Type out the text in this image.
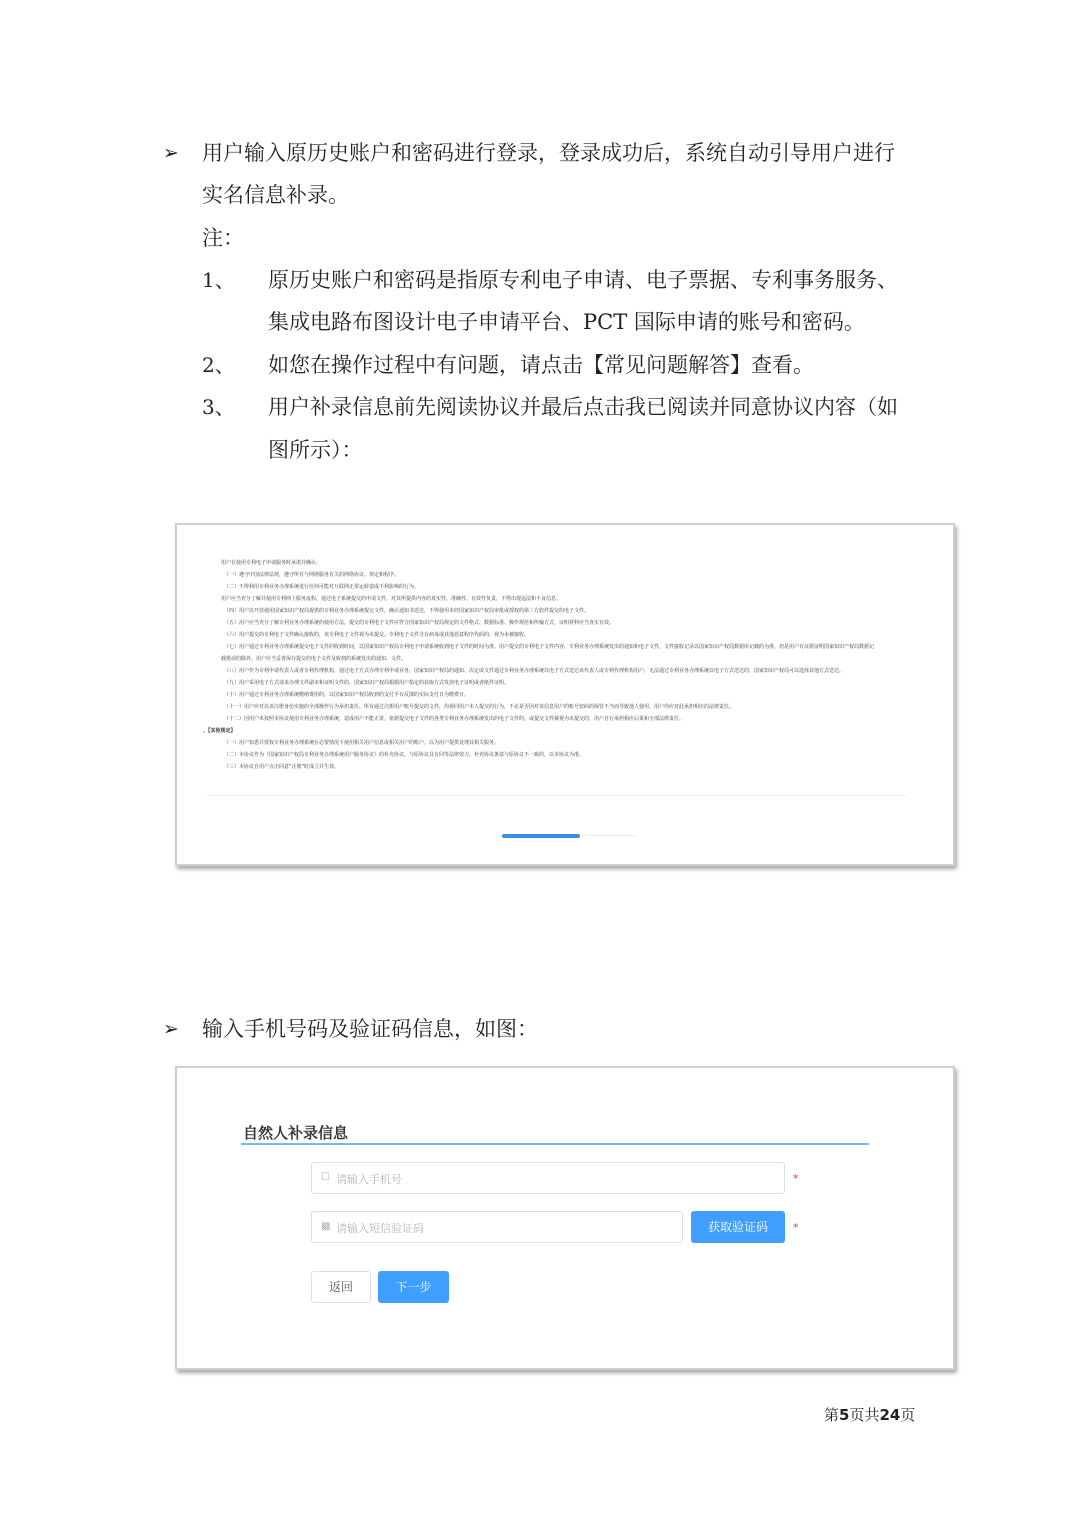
➢ 用户输入原历史账户和密码进行登录，登录成功后，系统自动引导用户进行
实名信息补录。
注：
1、 原历史账户和密码是指原专利电子申请、电子票据、专利事务服务、
集成电路布图设计电子申请平台、PCT 国际申请的账号和密码。
2、 如您在操作过程中有问题，请点击【常见问题解答】查看。
3、 用户补录信息前先阅读协议并最后点击我已阅读并同意协议内容（如
图所示）：
用户在使用专利电子申请服务时承诺并确认：
（一）遵守中国法律法规，遵守所有与网络服务有关的网络协议、规定和程序。
（二）不得利用专利业务办理系统进行任何可能对互联网正常运转造成不利影响的行为。
用户应当充分了解并使用专利网上服务流程，通过电子系统提交的申请文件，对其所提供内容的真实性、准确性、有效性负责，不得出现违法和不良信息。
（四）用户以开放使用国家知识产权局提供的专利业务办理系统提交文件，确认通知书送达，不得使用未经国家知识产权局审批或授权的第三方软件提交的电子文件。
（五）用户应当充分了解专利业务办理系统的使用方法，提交的专利电子文件应符合国家知识产权局规定的文件格式、数据标准、操作规范和传输方式，证明材料应当真实有效。
（六）用户提交的专利电子文件确认接收的，该专利电子文件视为未提交。专利电子文件含有病毒或其他恶意程序代码的，视为未被接收。
（七）用户通过专利业务办理系统提交电子文件的收到时间，以国家知识产权局专利电子申请系统收到电子文件的时间为准。用户提交的专利电子文件内容、专利业务办理系统发出的通知和电子文件，文件接收记录以国家知识产权局数据库记载的为准，但是用户有证据证明国家知识产权局数据记
载错误的除外。用户应当妥善保存提交的电子文件及收到的系统发出的通知、文件。
（八）用户作为专利申请代表人或者专利代理机构，通过电子方式办理专利申请业务，国家知识产权局的通知、决定或文件通过专利业务办理系统以电子方式送达该代表人或专利代理机构用户。无法通过专利业务办理系统以电子方式送达的，国家知识产权局可以选择其他方式送达。
（九）用户采用电子方式请求办理文件副本和证明文件的，国家知识产权局根据用户指定的获取方式发放电子证明或者纸件证明。
（十）用户通过专利业务办理系统缴纳费用的，以国家知识产权局收到的支付平台反馈的实际支付日为缴费日。
（十一）用户应对以该注册身份实施的全部操作行为承担责任。所有通过注册用户账号提交的文件，均视同用户本人提交的行为，不论是否因对该信息用户的账号密码的保管不当而导致他人使用，用户均应对此承担相应的法律责任。
（十二）因用户未按照本协议使用专利业务办理系统，造成用户不能正常，依据提交电子文件的各类专利业务办理系统发出的电子文件的，或提交文件被视为未提交的，用户自行承担相应后果和全部法律责任。
、【其他规定】
（一）用户知悉并授权专利业务办理系统在必要情况下使用相关用户信息或相关用户的账户，以为用户提供处理其相关服务。
（二）本协议作为《国家知识产权局专利业务办理系统用户服务协议》的补充协议，与原协议具有同等法律效力。补充协议条款与原协议不一致的，以本协议为准。
（三）本协议自用户点击同意“注册”时成立并生效。
➢ 输入手机号码及验证码信息，如图：
自然人补录信息
☐ 请输入手机号	*
▩ 请输入短信验证码	获取验证码	*
返回	下一步
第5页共24页
